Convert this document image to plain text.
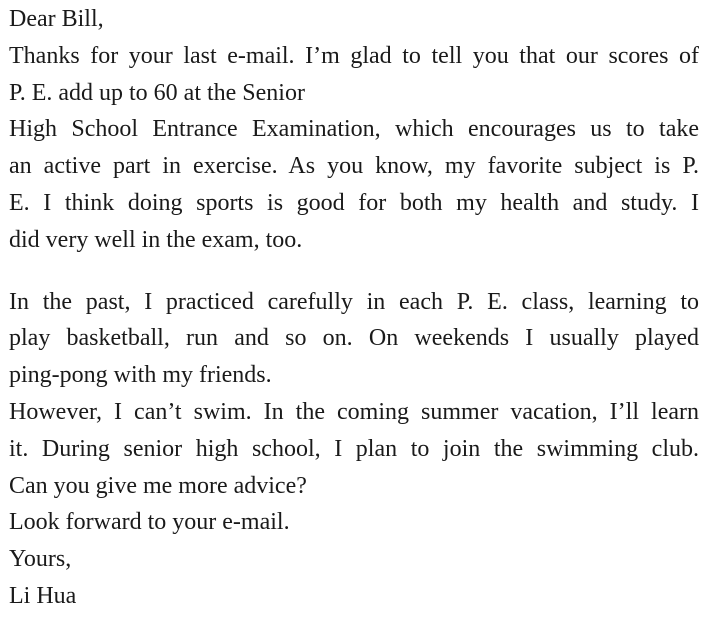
Dear Bill,
Thanks for your last e-mail. I’m glad to tell you that our scores of
P. E. add up to 60 at the Senior
High School Entrance Examination, which encourages us to take
an active part in exercise. As you know, my favorite subject is P.
E. I think doing sports is good for both my health and study. I
did very well in the exam, too.
In the past, I practiced carefully in each P. E. class, learning to
play basketball, run and so on. On weekends I usually played
ping-pong with my friends.
However, I can’t swim. In the coming summer vacation, I’ll learn
it. During senior high school, I plan to join the swimming club.
Can you give me more advice?
Look forward to your e-mail.
Yours,
Li Hua
